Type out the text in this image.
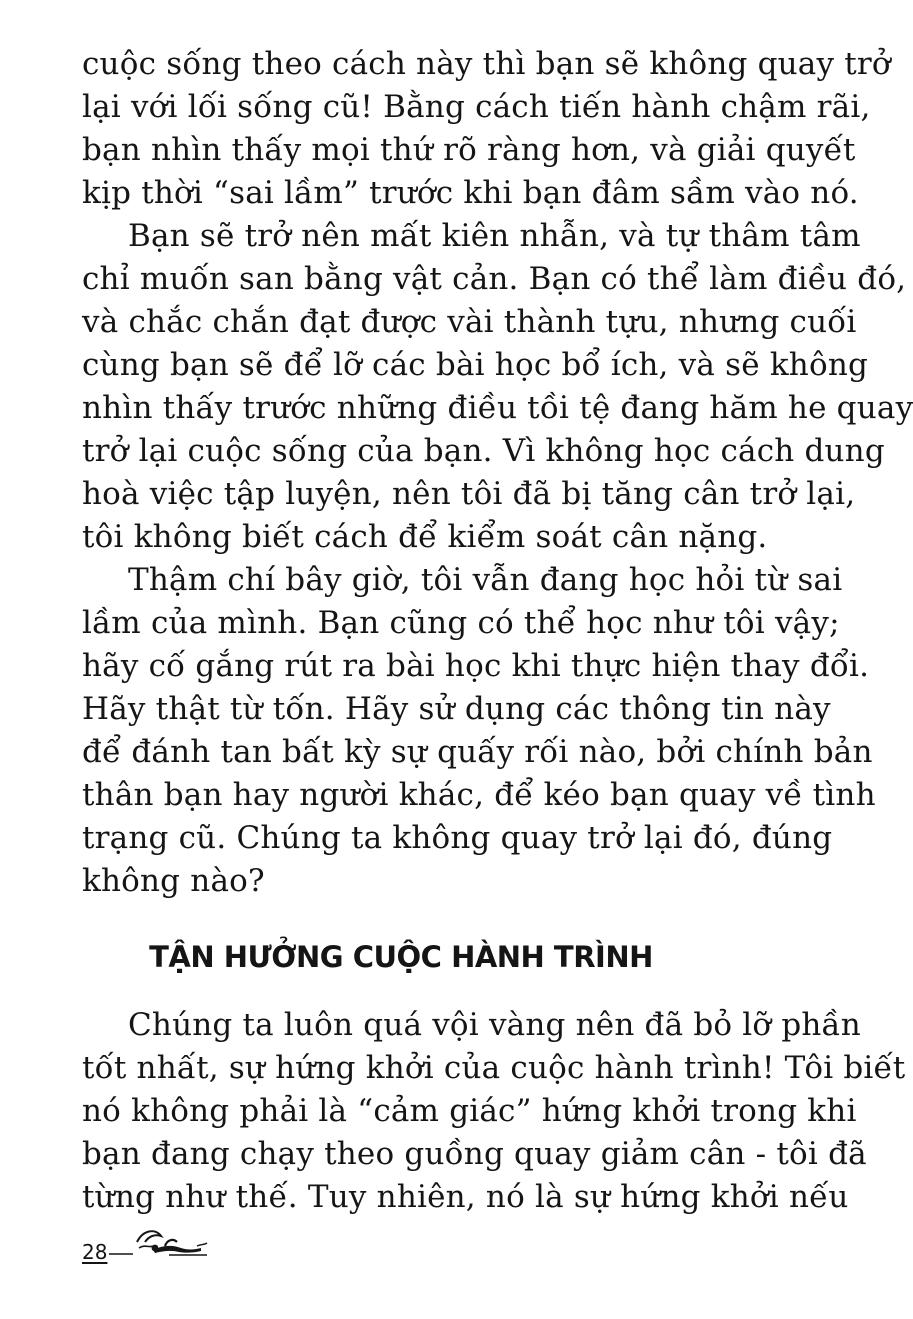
cuộc sống theo cách này thì bạn sẽ không quay trở

lại với lối sống cũ! Bằng cách tiến hành chậm rãi,

bạn nhìn thấy mọi thứ rõ ràng hơn, và giải quyết

kịp thời “sai lầm” trước khi bạn đâm sầm vào nó.

Bạn sẽ trở nên mất kiên nhẫn, và tự thâm tâm

chỉ muốn san bằng vật cản. Bạn có thể làm điều đó,

và chắc chắn đạt được vài thành tựu, nhưng cuối

cùng bạn sẽ để lỡ các bài học bổ ích, và sẽ không

nhìn thấy trước những điều tồi tệ đang hăm he quay

trở lại cuộc sống của bạn. Vì không học cách dung

hoà việc tập luyện, nên tôi đã bị tăng cân trở lại,

tôi không biết cách để kiểm soát cân nặng.

Thậm chí bây giờ, tôi vẫn đang học hỏi từ sai

lầm của mình. Bạn cũng có thể học như tôi vậy;

hãy cố gắng rút ra bài học khi thực hiện thay đổi.

Hãy thật từ tốn. Hãy sử dụng các thông tin này

để đánh tan bất kỳ sự quấy rối nào, bởi chính bản

thân bạn hay người khác, để kéo bạn quay về tình

trạng cũ. Chúng ta không quay trở lại đó, đúng

không nào?

TẬN HƯỞNG CUỘC HÀNH TRÌNH

Chúng ta luôn quá vội vàng nên đã bỏ lỡ phần

tốt nhất, sự hứng khởi của cuộc hành trình! Tôi biết

nó không phải là “cảm giác” hứng khởi trong khi

bạn đang chạy theo guồng quay giảm cân - tôi đã

từng như thế. Tuy nhiên, nó là sự hứng khởi nếu

28
